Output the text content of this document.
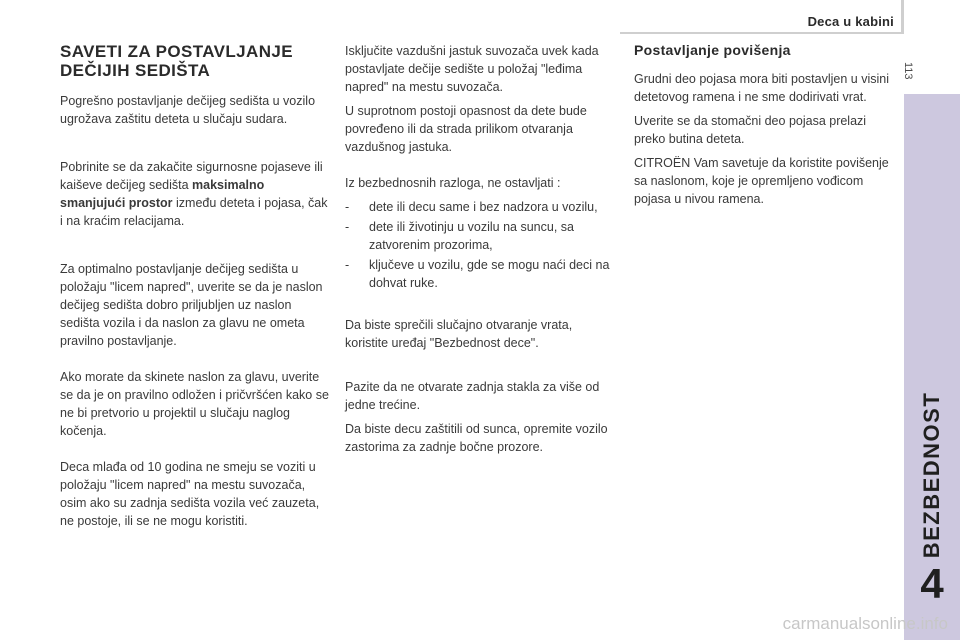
Deca u kabini
113
BEZBEDNOST
4
SAVETI ZA POSTAVLJANJE DEČIJIH SEDIŠTA

Pogrešno postavljanje dečijeg sedišta u vozilo ugrožava zaštitu deteta u slučaju sudara.

Pobrinite se da zakačite sigurnosne pojaseve ili kaiševe dečijeg sedišta maksimalno smanjujući prostor između deteta i pojasa, čak i na kraćim relacijama.

Za optimalno postavljanje dečijeg sedišta u položaju "licem napred", uverite se da je naslon dečijeg sedišta dobro priljubljen uz naslon sedišta vozila i da naslon za glavu ne ometa pravilno postavljanje.

Ako morate da skinete naslon za glavu, uverite se da je on pravilno odložen i pričvršćen kako se ne bi pretvorio u projektil u slučaju naglog kočenja.

Deca mlađa od 10 godina ne smeju se voziti u položaju "licem napred" na mestu suvozača, osim ako su zadnja sedišta vozila već zauzeta, ne postoje, ili se ne mogu koristiti.

Isključite vazdušni jastuk suvozača uvek kada postavljate dečije sedište u položaj "leđima napred" na mestu suvozača.

U suprotnom postoji opasnost da dete bude povređeno ili da strada prilikom otvaranja vazdušnog jastuka.

Iz bezbednosnih razloga, ne ostavljati :

- dete ili decu same i bez nadzora u vozilu,
- dete ili životinju u vozilu na suncu, sa zatvorenim prozorima,
- ključeve u vozilu, gde se mogu naći deci na dohvat ruke.

Da biste sprečili slučajno otvaranje vrata, koristite uređaj "Bezbednost dece".

Pazite da ne otvarate zadnja stakla za više od jedne trećine.

Da biste decu zaštitili od sunca, opremite vozilo zastorima za zadnje bočne prozore.

Postavljanje povišenja

Grudni deo pojasa mora biti postavljen u visini detetovog ramena i ne sme dodirivati vrat.

Uverite se da stomačni deo pojasa prelazi preko butina deteta.

CITROËN Vam savetuje da koristite povišenje sa naslonom, koje je opremljeno vođicom pojasa u nivou ramena.

carmanualsonline.info
